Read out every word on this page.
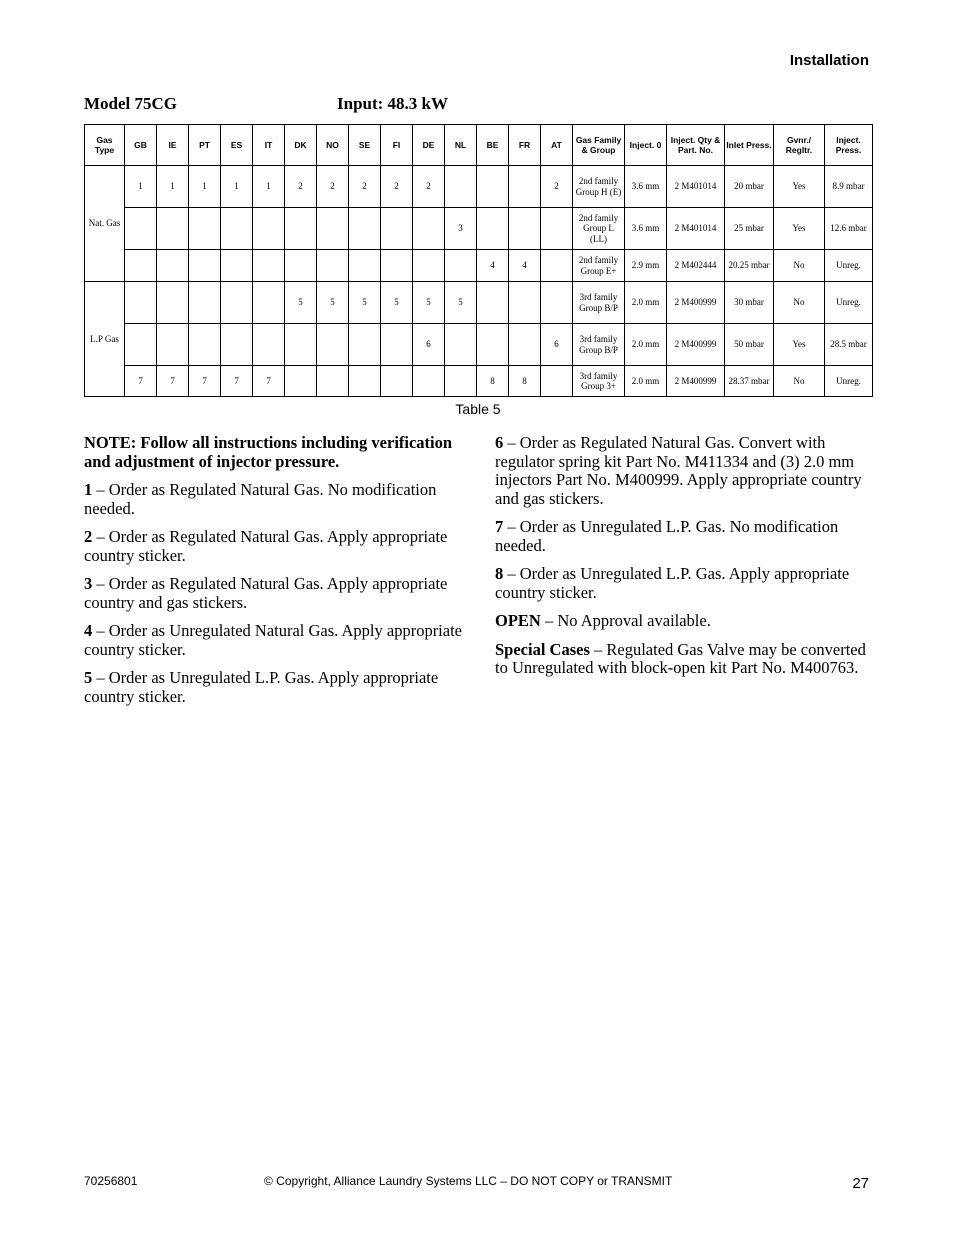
Installation
Model 75CG	Input: 48.3 kW
Gas Type	GB	IE	PT	ES	IT	DK	NO	SE	FI	DE	NL	BE	FR	AT	Gas Family & Group	Inject. 0	Inject. Qty & Part. No.	Inlet Press.	Gvnr./ Regltr.	Inject. Press.
Nat. Gas	1	1	1	1	1	2	2	2	2	2				2	2nd family Group H (E)	3.6 mm	2 M401014	20 mbar	Yes	8.9 mbar
											3				2nd family Group L (LL)	3.6 mm	2 M401014	25 mbar	Yes	12.6 mbar
												4	4		2nd family Group E+	2.9 mm	2 M402444	20.25 mbar	No	Unreg.
L.P Gas						5	5	5	5	5	5				3rd family Group B/P	2.0 mm	2 M400999	30 mbar	No	Unreg.
										6				6	3rd family Group B/P	2.0 mm	2 M400999	50 mbar	Yes	28.5 mbar
	7	7	7	7	7							8	8		3rd family Group 3+	2.0 mm	2 M400999	28.37 mbar	No	Unreg.
Table 5

NOTE: Follow all instructions including verification and adjustment of injector pressure.

1 – Order as Regulated Natural Gas. No modification needed.

2 – Order as Regulated Natural Gas. Apply appropriate country sticker.

3 – Order as Regulated Natural Gas. Apply appropriate country and gas stickers.

4 – Order as Unregulated Natural Gas. Apply appropriate country sticker.

5 – Order as Unregulated L.P. Gas. Apply appropriate country sticker.

6 – Order as Regulated Natural Gas. Convert with regulator spring kit Part No. M411334 and (3) 2.0 mm injectors Part No. M400999. Apply appropriate country and gas stickers.

7 – Order as Unregulated L.P. Gas. No modification needed.

8 – Order as Unregulated L.P. Gas. Apply appropriate country sticker.

OPEN – No Approval available.

Special Cases – Regulated Gas Valve may be converted to Unregulated with block-open kit Part No. M400763.

70256801	© Copyright, Alliance Laundry Systems LLC – DO NOT COPY or TRANSMIT	27
